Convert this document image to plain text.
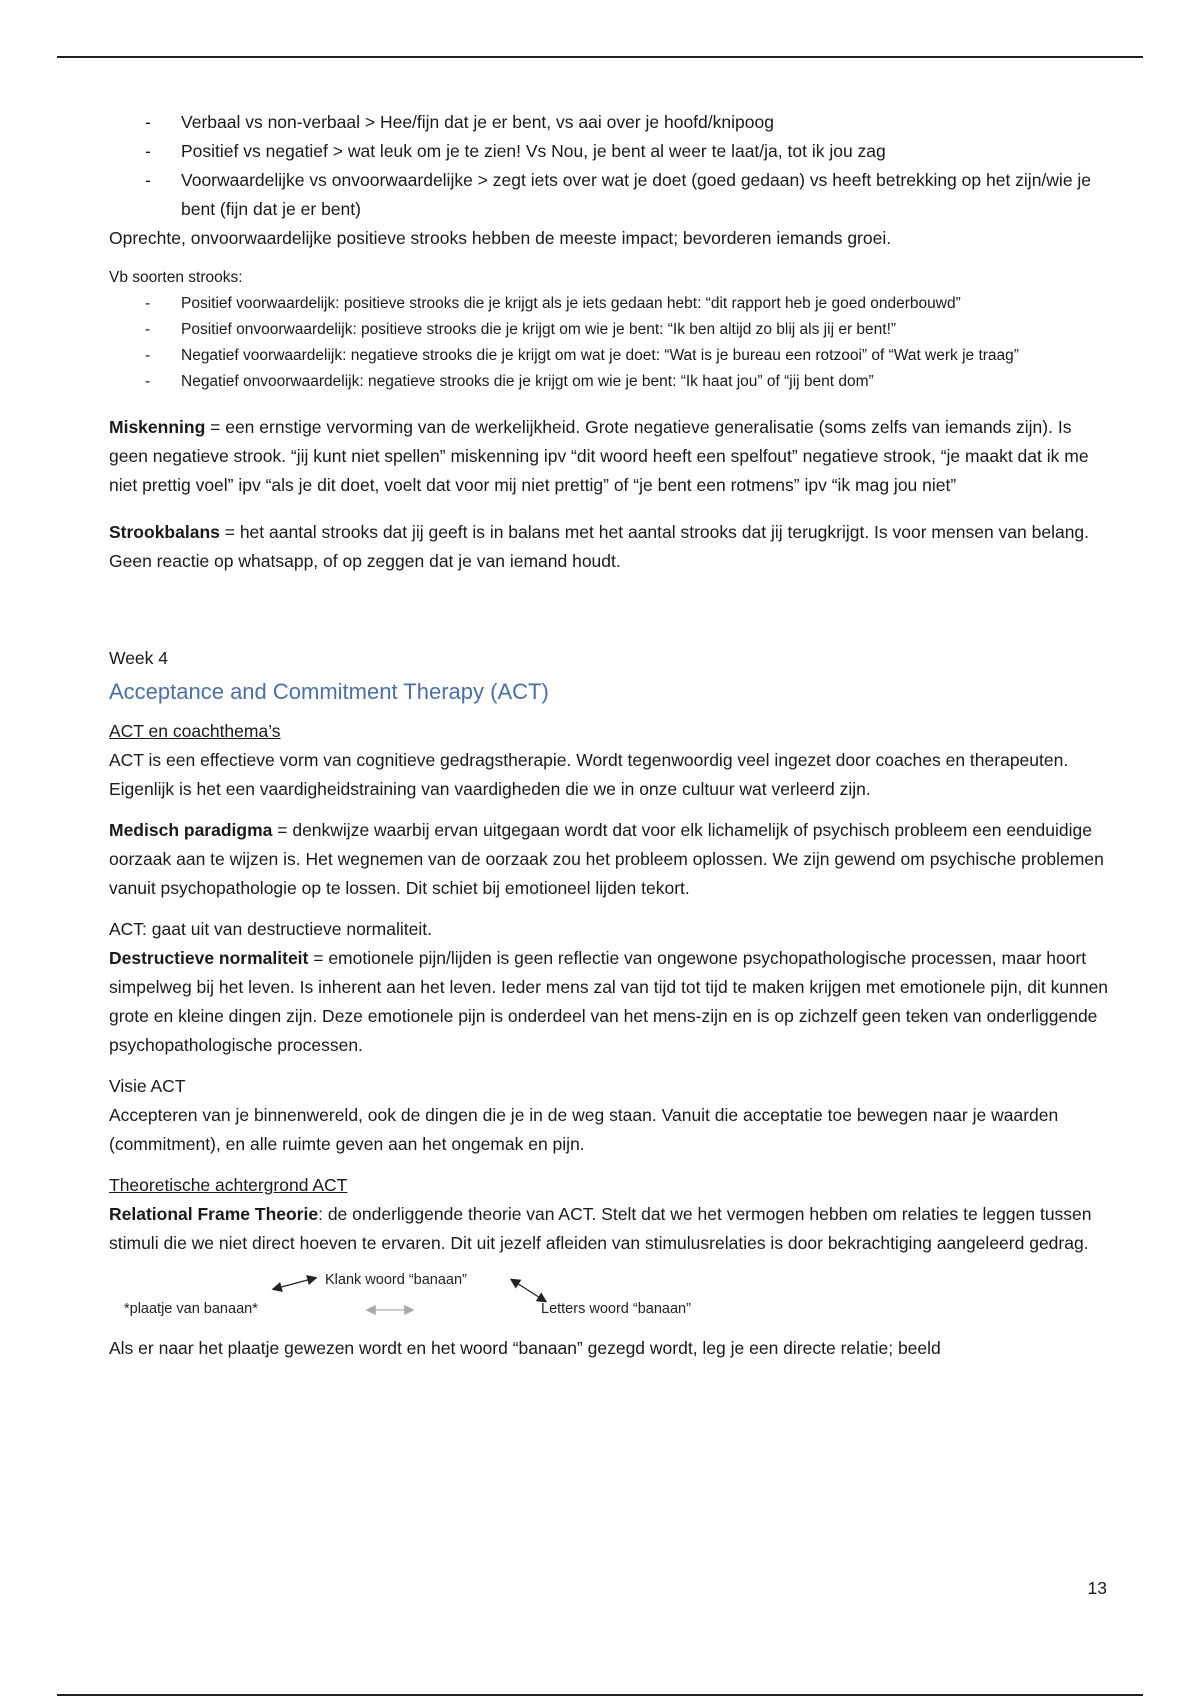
- Verbaal vs non-verbaal > Hee/fijn dat je er bent, vs aai over je hoofd/knipoog
- Positief vs negatief > wat leuk om je te zien! Vs Nou, je bent al weer te laat/ja, tot ik jou zag
- Voorwaardelijke vs onvoorwaardelijke > zegt iets over wat je doet (goed gedaan) vs heeft betrekking op het zijn/wie je bent (fijn dat je er bent)

Oprechte, onvoorwaardelijke positieve strooks hebben de meeste impact; bevorderen iemands groei.

Vb soorten strooks:

- Positief voorwaardelijk: positieve strooks die je krijgt als je iets gedaan hebt: “dit rapport heb je goed onderbouwd”
- Positief onvoorwaardelijk: positieve strooks die je krijgt om wie je bent: “Ik ben altijd zo blij als jij er bent!”
- Negatief voorwaardelijk: negatieve strooks die je krijgt om wat je doet: “Wat is je bureau een rotzooi” of “Wat werk je traag”
- Negatief onvoorwaardelijk: negatieve strooks die je krijgt om wie je bent: “Ik haat jou” of “jij bent dom”

Miskenning = een ernstige vervorming van de werkelijkheid. Grote negatieve generalisatie (soms zelfs van iemands zijn). Is geen negatieve strook. “jij kunt niet spellen” miskenning ipv “dit woord heeft een spelfout” negatieve strook, “je maakt dat ik me niet prettig voel” ipv “als je dit doet, voelt dat voor mij niet prettig” of “je bent een rotmens” ipv “ik mag jou niet”

Strookbalans = het aantal strooks dat jij geeft is in balans met het aantal strooks dat jij terugkrijgt. Is voor mensen van belang. Geen reactie op whatsapp, of op zeggen dat je van iemand houdt.

Week 4

Acceptance and Commitment Therapy (ACT)

ACT en coachthema’s

ACT is een effectieve vorm van cognitieve gedragstherapie. Wordt tegenwoordig veel ingezet door coaches en therapeuten.

Eigenlijk is het een vaardigheidstraining van vaardigheden die we in onze cultuur wat verleerd zijn.

Medisch paradigma = denkwijze waarbij ervan uitgegaan wordt dat voor elk lichamelijk of psychisch probleem een eenduidige oorzaak aan te wijzen is. Het wegnemen van de oorzaak zou het probleem oplossen. We zijn gewend om psychische problemen vanuit psychopathologie op te lossen. Dit schiet bij emotioneel lijden tekort.

ACT: gaat uit van destructieve normaliteit.

Destructieve normaliteit = emotionele pijn/lijden is geen reflectie van ongewone psychopathologische processen, maar hoort simpelweg bij het leven. Is inherent aan het leven. Ieder mens zal van tijd tot tijd te maken krijgen met emotionele pijn, dit kunnen grote en kleine dingen zijn. Deze emotionele pijn is onderdeel van het mens-zijn en is op zichzelf geen teken van onderliggende psychopathologische processen.

Visie ACT

Accepteren van je binnenwereld, ook de dingen die je in de weg staan. Vanuit die acceptatie toe bewegen naar je waarden (commitment), en alle ruimte geven aan het ongemak en pijn.

Theoretische achtergrond ACT

Relational Frame Theorie: de onderliggende theorie van ACT. Stelt dat we het vermogen hebben om relaties te leggen tussen stimuli die we niet direct hoeven te ervaren. Dit uit jezelf afleiden van stimulusrelaties is door bekrachtiging aangeleerd gedrag.

Klank woord “banaan”
*plaatje van banaan*	Letters woord “banaan”

Als er naar het plaatje gewezen wordt en het woord “banaan” gezegd wordt, leg je een directe relatie; beeld

13
